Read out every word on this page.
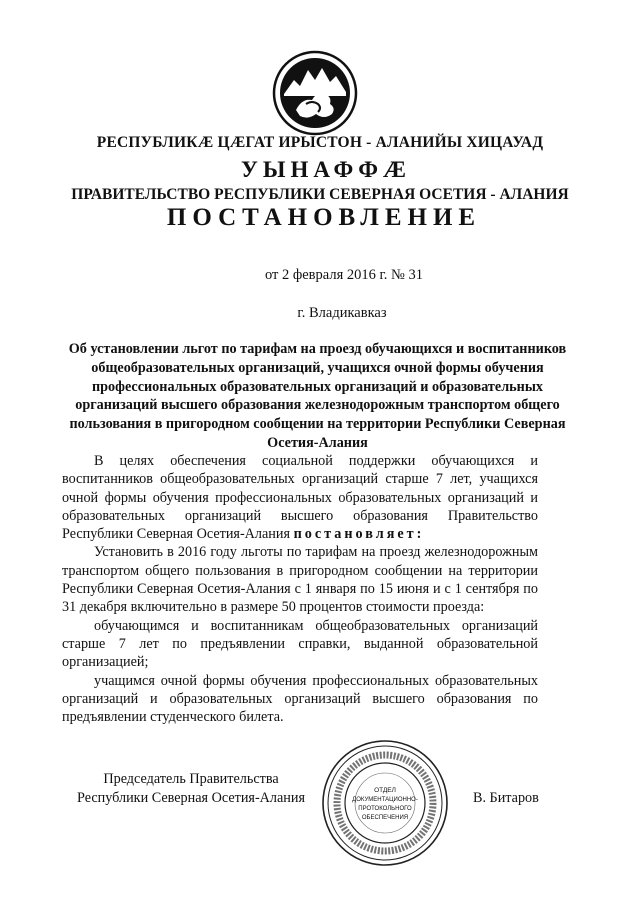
РЕСПУБЛИКӔ ЦӔГАТ ИРЫСТОН - АЛАНИЙЫ ХИЦАУАД
УЫНАФФӔ
ПРАВИТЕЛЬСТВО РЕСПУБЛИКИ СЕВЕРНАЯ ОСЕТИЯ - АЛАНИЯ
ПОСТАНОВЛЕНИЕ
от 2 февраля 2016 г. № 31
г. Владикавказ
Об установлении льгот по тарифам на проезд обучающихся и воспитанников общеобразовательных организаций, учащихся очной формы обучения профессиональных образовательных организаций и образовательных организаций высшего образования железнодорожным транспортом общего пользования в пригородном сообщении на территории Республики Северная Осетия-Алания

В целях обеспечения социальной поддержки обучающихся и воспитанников общеобразовательных организаций старше 7 лет, учащихся очной формы обучения профессиональных образовательных организаций и образовательных организаций высшего образования Правительство Республики Северная Осетия-Алания постановляет:

Установить в 2016 году льготы по тарифам на проезд железнодорожным транспортом общего пользования в пригородном сообщении на территории Республики Северная Осетия-Алания с 1 января по 15 июня и с 1 сентября по 31 декабря включительно в размере 50 процентов стоимости проезда:

обучающимся и воспитанникам общеобразовательных организаций старше 7 лет по предъявлении справки, выданной образовательной организацией;

учащимся очной формы обучения профессиональных образовательных организаций и образовательных организаций высшего образования по предъявлении студенческого билета.

Председатель Правительства
Республики Северная Осетия-Алания	ОТДЕЛ
ДОКУМЕНТАЦИОННО-
ПРОТОКОЛЬНОГО
ОБЕСПЕЧЕНИЯ
В. Битаров
